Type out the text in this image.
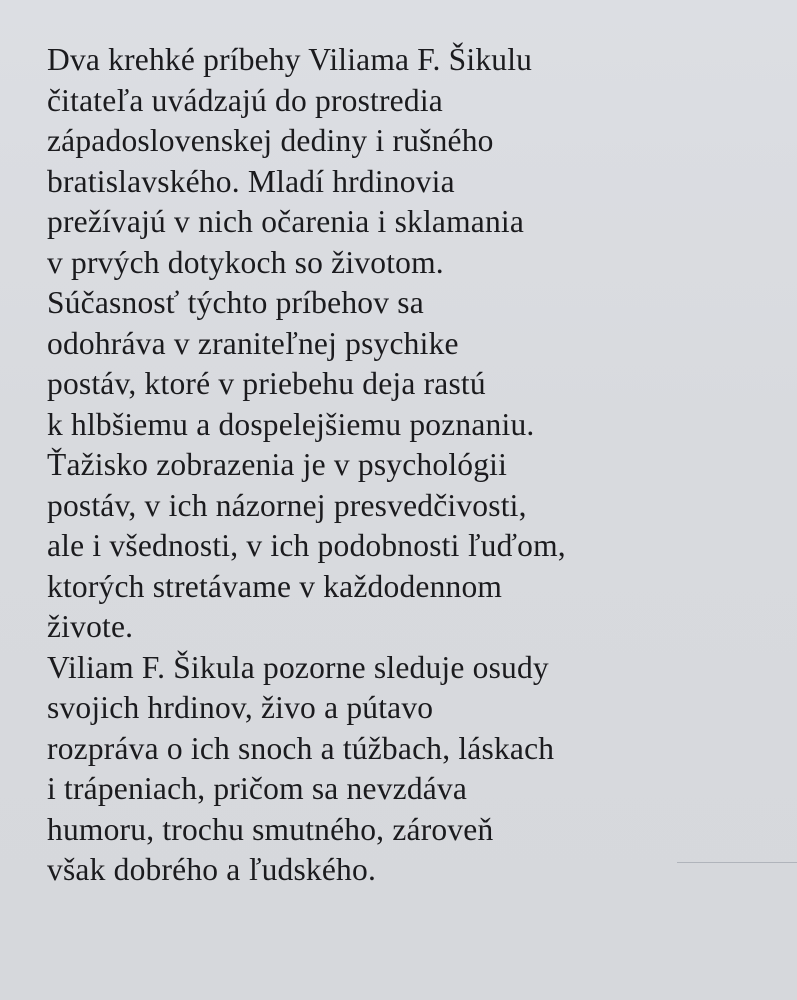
Dva krehké príbehy Viliama F. Šikulu
čitateľa uvádzajú do prostredia
západoslovenskej dediny i rušného
bratislavského. Mladí hrdinovia
prežívajú v nich očarenia i sklamania
v prvých dotykoch so životom.
Súčasnosť týchto príbehov sa
odohráva v zraniteľnej psychike
postáv, ktoré v priebehu deja rastú
k hlbšiemu a dospelejšiemu poznaniu.
Ťažisko zobrazenia je v psychológii
postáv, v ich názornej presvedčivosti,
ale i všednosti, v ich podobnosti ľuďom,
ktorých stretávame v každodennom
živote.
Viliam F. Šikula pozorne sleduje osudy
svojich hrdinov, živo a pútavo
rozpráva o ich snoch a túžbach, láskach
i trápeniach, pričom sa nevzdáva
humoru, trochu smutného, zároveň
však dobrého a ľudského.
